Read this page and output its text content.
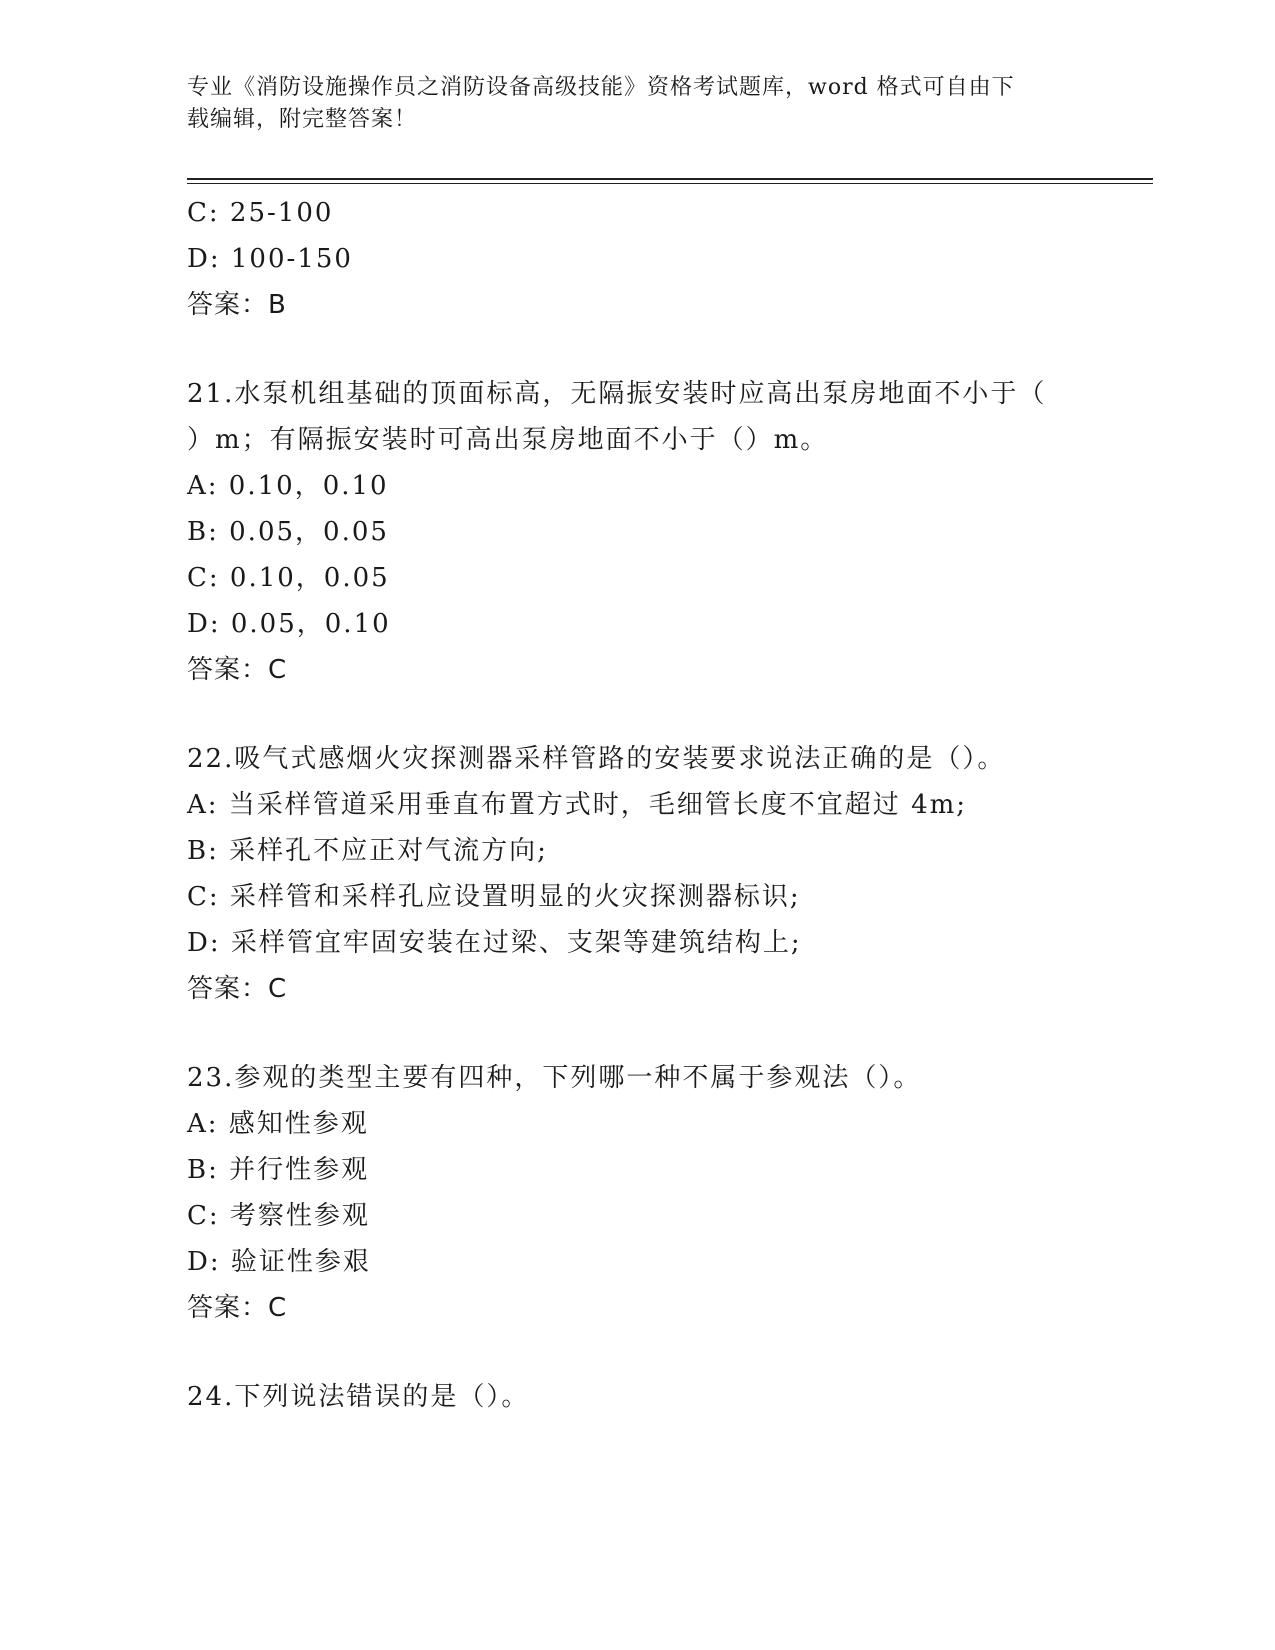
专业《消防设施操作员之消防设备高级技能》资格考试题库，word 格式可自由下
载编辑，附完整答案！
C: 25-100
D: 100-150
答案：B
21.水泵机组基础的顶面标高，无隔振安装时应高出泵房地面不小于（
）m；有隔振安装时可高出泵房地面不小于（）m。
A: 0.10，0.10
B: 0.05，0.05
C: 0.10，0.05
D: 0.05，0.10
答案：C
22.吸气式感烟火灾探测器采样管路的安装要求说法正确的是（）。
A: 当采样管道采用垂直布置方式时，毛细管长度不宜超过 4m;
B: 采样孔不应正对气流方向;
C: 采样管和采样孔应设置明显的火灾探测器标识;
D: 采样管宜牢固安装在过梁、支架等建筑结构上;
答案：C
23.参观的类型主要有四种，下列哪一种不属于参观法（）。
A: 感知性参观
B: 并行性参观
C: 考察性参观
D: 验证性参艰
答案：C
24.下列说法错误的是（）。
